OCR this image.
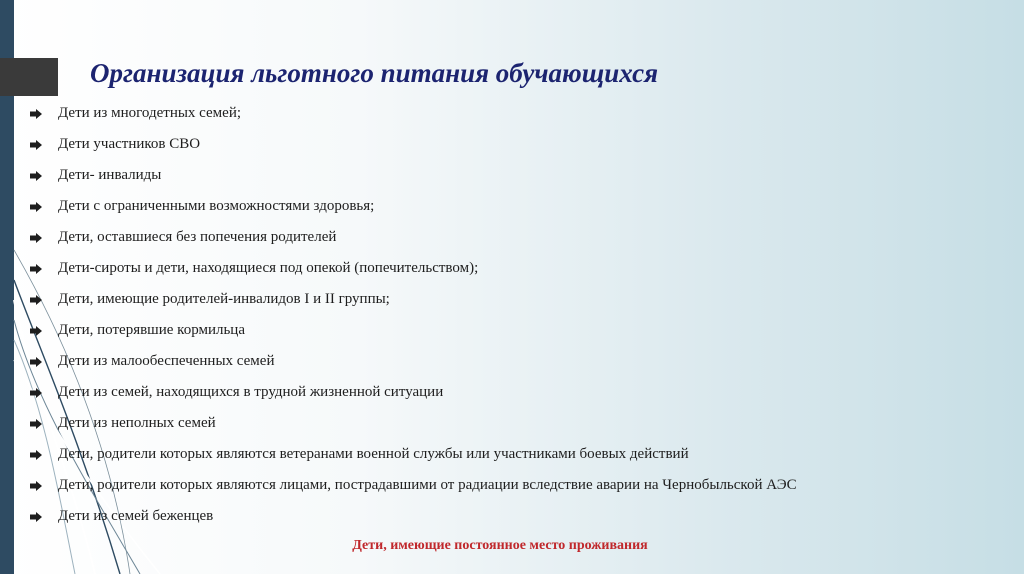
Организация льготного питания обучающихся
Дети из многодетных семей;
Дети участников СВО
Дети- инвалиды
Дети с ограниченными возможностями здоровья;
Дети, оставшиеся без попечения родителей
Дети-сироты и дети, находящиеся под опекой (попечительством);
Дети, имеющие родителей-инвалидов I и II группы;
Дети, потерявшие кормильца
Дети из малообеспеченных семей
Дети из семей, находящихся в трудной жизненной ситуации
Дети из неполных семей
Дети, родители которых являются ветеранами военной службы или участниками боевых действий
Дети, родители которых являются лицами, пострадавшими от радиации вследствие аварии на Чернобыльской АЭС
Дети из семей беженцев
Дети, имеющие постоянное место проживания
